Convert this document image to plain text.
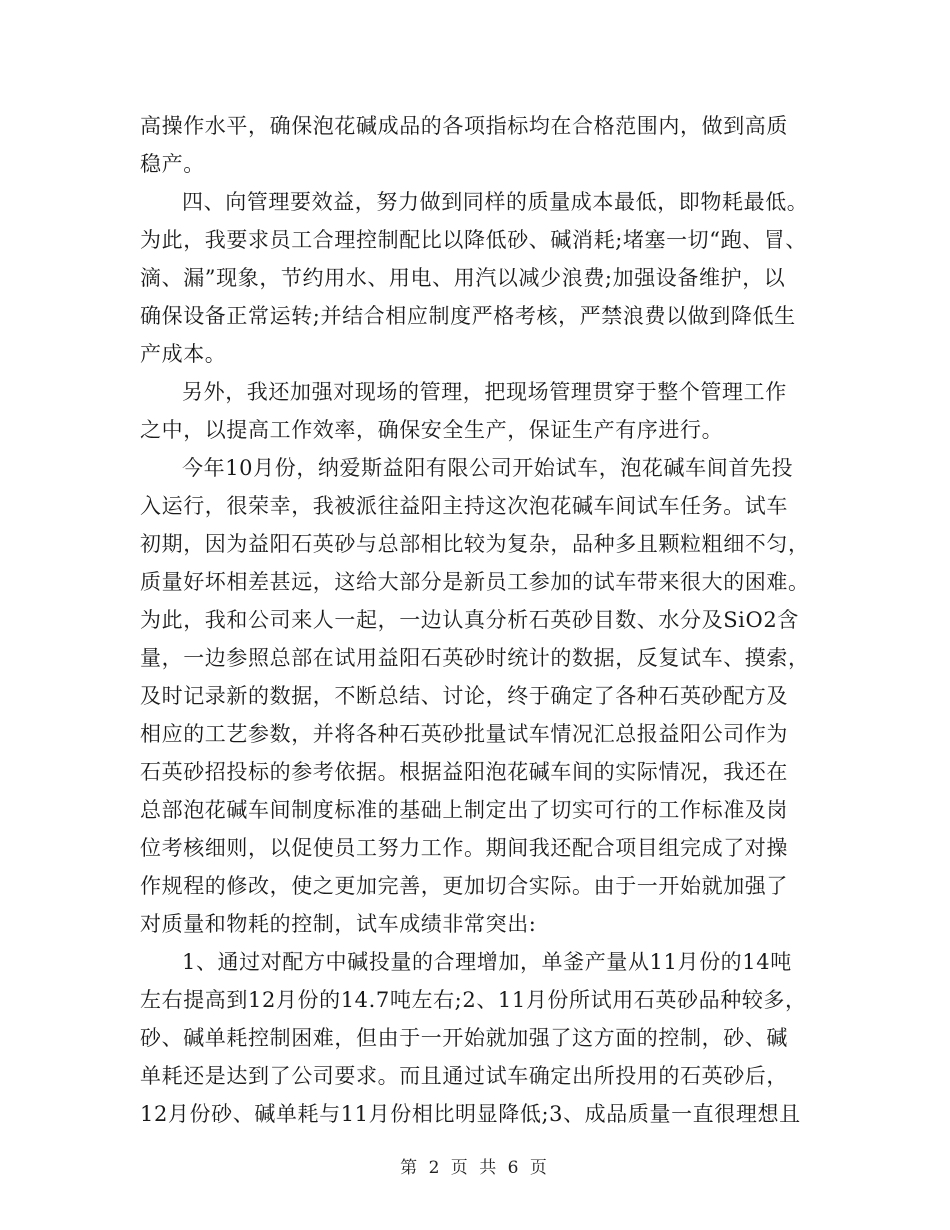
高操作水平，确保泡花碱成品的各项指标均在合格范围内，做到高质
稳产。
四、向管理要效益，努力做到同样的质量成本最低，即物耗最低。
为此，我要求员工合理控制配比以降低砂、碱消耗;堵塞一切“跑、冒、
滴、漏”现象，节约用水、用电、用汽以减少浪费;加强设备维护，以
确保设备正常运转;并结合相应制度严格考核，严禁浪费以做到降低生
产成本。
另外，我还加强对现场的管理，把现场管理贯穿于整个管理工作
之中，以提高工作效率，确保安全生产，保证生产有序进行。
今年10月份，纳爱斯益阳有限公司开始试车，泡花碱车间首先投
入运行，很荣幸，我被派往益阳主持这次泡花碱车间试车任务。试车
初期，因为益阳石英砂与总部相比较为复杂，品种多且颗粒粗细不匀，
质量好坏相差甚远，这给大部分是新员工参加的试车带来很大的困难。
为此，我和公司来人一起，一边认真分析石英砂目数、水分及SiO2含
量，一边参照总部在试用益阳石英砂时统计的数据，反复试车、摸索，
及时记录新的数据，不断总结、讨论，终于确定了各种石英砂配方及
相应的工艺参数，并将各种石英砂批量试车情况汇总报益阳公司作为
石英砂招投标的参考依据。根据益阳泡花碱车间的实际情况，我还在
总部泡花碱车间制度标准的基础上制定出了切实可行的工作标准及岗
位考核细则，以促使员工努力工作。期间我还配合项目组完成了对操
作规程的修改，使之更加完善，更加切合实际。由于一开始就加强了
对质量和物耗的控制，试车成绩非常突出:
1、通过对配方中碱投量的合理增加，单釜产量从11月份的14吨
左右提高到12月份的14.7吨左右;2、11月份所试用石英砂品种较多，
砂、碱单耗控制困难，但由于一开始就加强了这方面的控制，砂、碱
单耗还是达到了公司要求。而且通过试车确定出所投用的石英砂后，
12月份砂、碱单耗与11月份相比明显降低;3、成品质量一直很理想且
第 2 页 共 6 页
